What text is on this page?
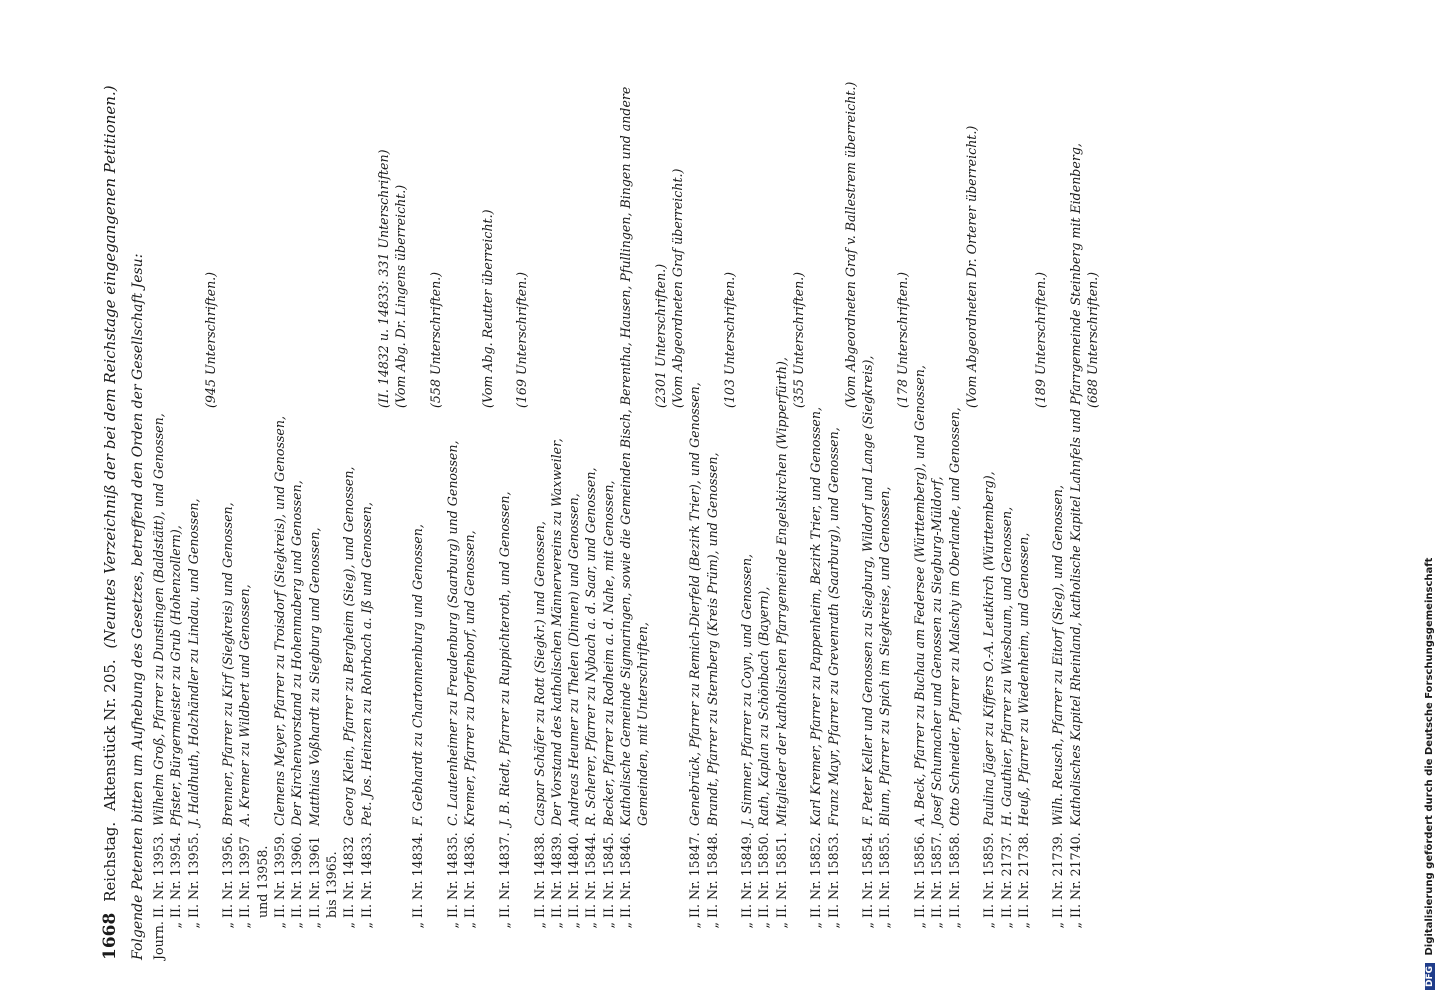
1668 Reichstag. Aktenstück Nr. 205. (Neuntes Verzeichniß der bei dem Reichstage eingegangenen Petitionen.) Folgende Petenten bitten um Aufhebung des Gesetzes, betreffend den Orden der Gesellschaft Jesu: Journ.
II. Nr. 13953.
Wilhelm Groß, Pfarrer zu Dunstingen (Baldstätt), und Genossen,
„
II. Nr. 13954.
Pfister, Bürgermeister zu Grub (Hohenzollern),
„
II. Nr. 13955.
J. Haldhuth, Holzhändler zu Lindau, und Genossen,
(945 Unterschriften.)
„
II. Nr. 13956.
Brenner, Pfarrer zu Kirf (Siegkreis) und Genossen,
„
II. Nr. 13957 und 13958.
A. Kremer zu Wildbert und Genossen,
„
II. Nr. 13959.
Clemens Meyer, Pfarrer zu Troisdorf (Siegkreis), und Genossen,
„
II. Nr. 13960.
Der Kirchenvorstand zu Hohenmaberg und Genossen,
„
II. Nr. 13961 bis 13965.
Matthias Voßhardt zu Siegburg und Genossen,
„
II. Nr. 14832
Georg Klein, Pfarrer zu Bergheim (Sieg), und Genossen,
„
II. Nr. 14833.
Pet. Jos. Heinzen zu Rohrbach a. Iß und Genossen,
(II. 14832 u. 14833: 331 Unterschriften) (Vom Abg. Dr. Lingens überreicht.)
„
II. Nr. 14834.
F. Gebhardt zu Chartonnenburg und Genossen,
(558 Unterschriften.)
„
II. Nr. 14835.
C. Lautenheimer zu Freudenburg (Saarburg) und Genossen,
„
II. Nr. 14836.
Kremer, Pfarrer zu Dorfenborf, und Genossen,
(Vom Abg. Reutter überreicht.)
„
II. Nr. 14837.
J. B. Riedt, Pfarrer zu Ruppichteroth, und Genossen,
(169 Unterschriften.)
„
II. Nr. 14838.
Caspar Schäfer zu Rott (Siegkr.) und Genossen,
„
II. Nr. 14839.
Der Vorstand des katholischen Männervereins zu Waxweiler,
„
II. Nr. 14840.
Andreas Heumer zu Thelen (Dinnen) und Genossen,
„
II. Nr. 15844.
R. Scherer, Pfarrer zu Nybach a. d. Saar, und Genossen,
„
II. Nr. 15845.
Becker, Pfarrer zu Rodheim a. d. Nahe, mit Genossen,
„
II. Nr. 15846.
Katholische Gemeinde Sigmaringen, sowie die Gemeinden Bisch, Berentha, Hausen, Pfullingen, Bingen und andere Gemeinden, mit Unterschriften,
(2301 Unterschriften.) (Vom Abgeordneten Graf überreicht.)
„
II. Nr. 15847.
Genebrück, Pfarrer zu Remich-Dierfeld (Bezirk Trier), und Genossen,
„
II. Nr. 15848.
Brandt, Pfarrer zu Sternberg (Kreis Prüm), und Genossen,
(103 Unterschriften.)
„
II. Nr. 15849.
J. Simmer, Pfarrer zu Coyn, und Genossen,
„
II. Nr. 15850.
Rath, Kaplan zu Schönbach (Bayern),
„
II. Nr. 15851.
Mitglieder der katholischen Pfarrgemeinde Engelskirchen (Wipperfürth),
(355 Unterschriften.)
„
II. Nr. 15852.
Karl Kremer, Pfarrer zu Pappenheim, Bezirk Trier, und Genossen,
„
II. Nr. 15853.
Franz Mayr, Pfarrer zu Grevenrath (Saarburg), und Genossen,
(Vom Abgeordneten Graf v. Ballestrem überreicht.)
„
II. Nr. 15854.
F. Peter Keller und Genossen zu Siegburg, Wildorf und Lange (Siegkreis),
„
II. Nr. 15855.
Blum, Pfarrer zu Spich im Siegkreise, und Genossen,
(178 Unterschriften.)
„
II. Nr. 15856.
A. Beck, Pfarrer zu Buchau am Federsee (Württemberg), und Genossen,
„
II. Nr. 15857.
Josef Schumacher und Genossen zu Siegburg-Müldorf,
„
II. Nr. 15858.
Otto Schneider, Pfarrer zu Malschy im Oberlande, und Genossen,
(Vom Abgeordneten Dr. Orterer überreicht.)
„
II. Nr. 15859.
Paulina Jäger zu Kiffers O.-A. Leutkirch (Württemberg),
„
II. Nr. 21737.
H. Gauthier, Pfarrer zu Wiesbaum, und Genossen,
„
II. Nr. 21738.
Heuß, Pfarrer zu Wiedenheim, und Genossen,
(189 Unterschriften.)
„
II. Nr. 21739.
Wilh. Reusch, Pfarrer zu Eitorf (Sieg), und Genossen,
„
II. Nr. 21740.
Katholisches Kapitel Rheinland, katholische Kapitel Lahnfels und Pfarrgemeinde Steinberg mit Eidenberg, (688 Unterschriften.)
DFG Digitalisierung gefördert durch die Deutsche Forschungsgemeinschaft
